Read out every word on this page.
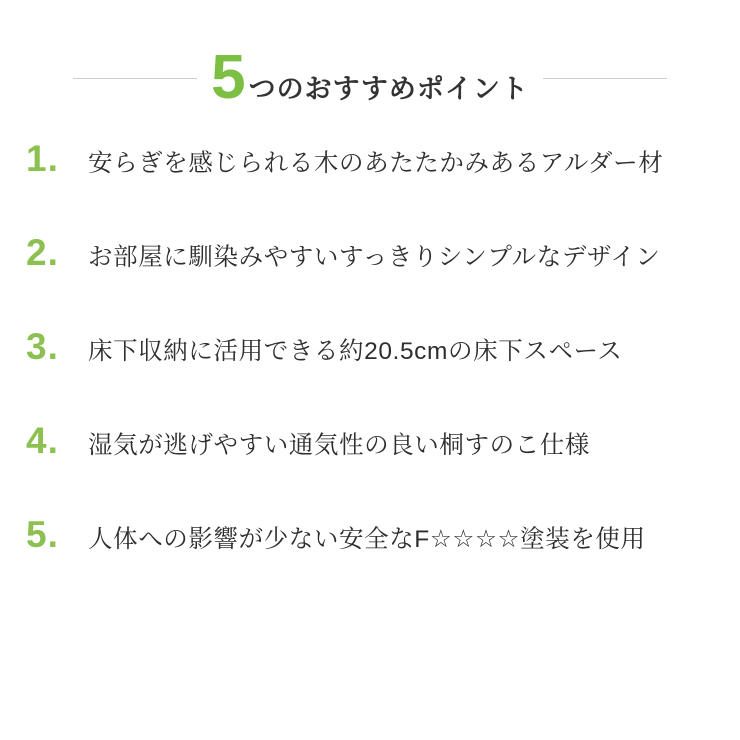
5 つのおすすめポイント
1.	安らぎを感じられる木のあたたかみあるアルダー材
2.	お部屋に馴染みやすいすっきりシンプルなデザイン
3.	床下収納に活用できる約20.5cmの床下スペース
4.	湿気が逃げやすい通気性の良い桐すのこ仕様
5.	人体への影響が少ない安全なF☆☆☆☆塗装を使用
